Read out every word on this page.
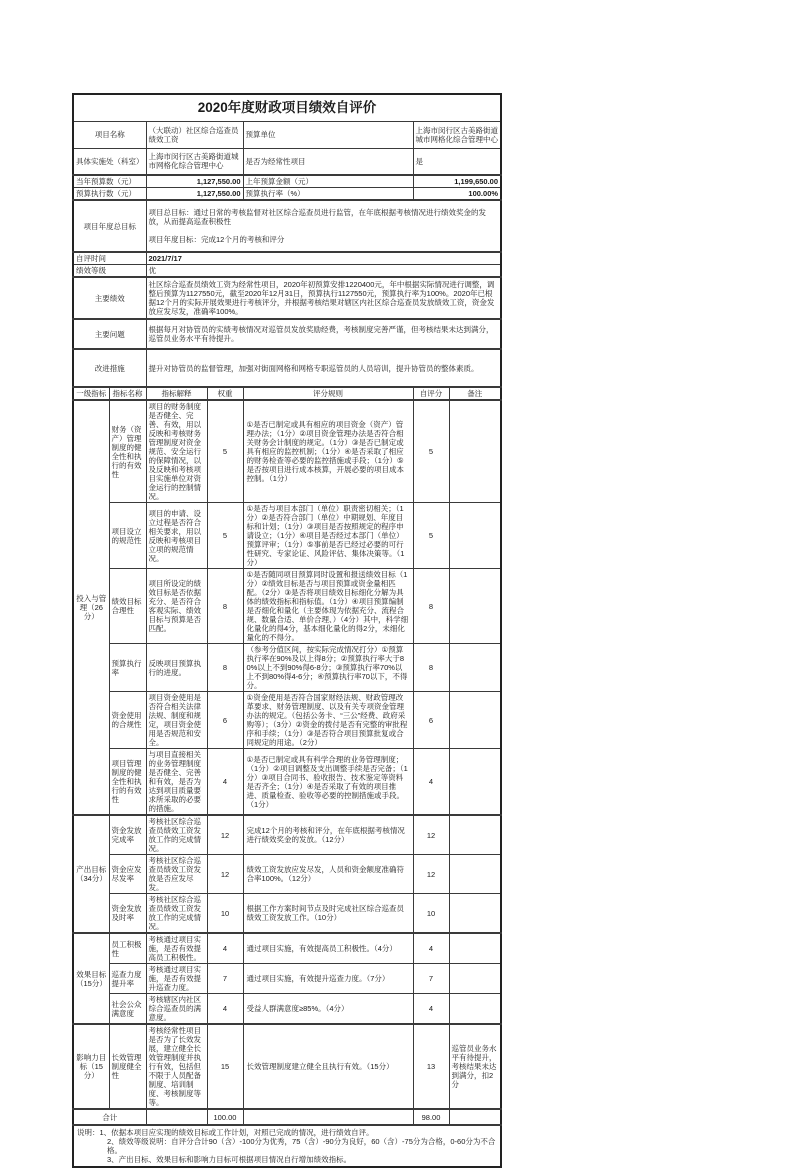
2020年度财政项目绩效自评价						
项目名称		（大联动）社区综合巡查员绩效工资		预算单位	上海市闵行区古美路街道城市网格化综合管理中心	
具体实施处（科室）		上海市闵行区古美路街道城市网格化综合管理中心		是否为经常性项目	是	
当年预算数（元）		1,127,550.00		上年预算金额（元）	1,199,650.00	
预算执行数（元）		1,127,550.00		预算执行率（%）	100.00%	
项目年度总目标		项目总目标：通过日常的考核监督对社区综合巡查员进行监管，在年底根据考核情况进行绩效奖金的发放，从而提高巡查积极性
项目年度目标：完成12个月的考核和评分				

自评时间		2021/7/17				
绩效等级		优				
主要绩效		社区综合巡查员绩效工资为经常性项目，2020年初预算安排1220400元，年中根据实际情况进行调整，调整后预算为1127550元，截至2020年12月31日，预算执行1127550元，预算执行率为100%。2020年已根据12个月的实际开展效果进行考核评分，并根据考核结果对辖区内社区综合巡查员发放绩效工资，资金发放应发尽发，准确率100%。				
主要问题		根据每月对协管员的实绩考核情况对巡管员发放奖励经费，考核制度完善严谨，但考核结果未达到满分，巡管员业务水平有待提升。				
改进措施		提升对协管员的监督管理，加强对街面网格和网格专职巡管员的人员培训，提升协管员的整体素质。				
一级指标	指标名称	指标解释	权重	评分规则	自评分	备注
投入与管理（26分）	财务（资产）管理制度的健全性和执行的有效性	项目的财务制度是否健全、完善、有效，用以反映和考核财务管理制度对资金规范、安全运行的保障情况，以及反映和考核项目实施单位对资金运行的控制情况。	5	①是否已制定或具有相应的项目资金（资产）管理办法；（1分）②项目资金管理办法是否符合相关财务会计制度的规定。（1分）③是否已制定或具有相应的监控机制；（1分）④是否采取了相应的财务检查等必要的监控措施或手段；（1分）⑤是否按项目进行成本核算，开展必要的项目成本控制。（1分）	5	
	项目设立的规范性	项目的申请、设立过程是否符合相关要求，用以反映和考核项目立项的规范情况。	5	①是否与项目本部门（单位）职责密切相关；（1分）②是否符合部门（单位）中期规划、年度目标和计划；（1分）③项目是否按照规定的程序申请设立；（1分）④项目是否经过本部门（单位）预算评审；（1分）⑤事前是否已经过必要的可行性研究、专家论证、风险评估、集体决策等。（1分）	5	
	绩效目标合理性	项目所设定的绩效目标是否依据充分、是否符合客观实际、绩效目标与预算是否匹配。	8	①是否随同项目预算同时设置和报送绩效目标（1分）②绩效目标是否与项目预算或资金量相匹配。（2分）③是否将项目绩效目标细化分解为具体的绩效指标和指标值。（1分）④项目预算编制是否细化和量化（主要体现为依据充分、流程合规、数量合适、单价合理、）（4分）其中，科学细化量化的得4分，基本细化量化的得2分，未细化量化的不得分。	8	
	预算执行率	反映项目预算执行的进度。	8	（参考分值区间，按实际完成情况打分）①预算执行率在90%及以上得8分；②预算执行率大于80%以上不到90%得6-8分；③预算执行率70%以上不到80%得4-6分；④预算执行率70以下，不得分。	8	
	资金使用的合规性	项目资金使用是否符合相关法律法规、制度和规定，项目资金使用是否规范和安全。	6	①资金使用是否符合国家财经法规、财政管理改革要求、财务管理制度、以及有关专项资金管理办法的规定。（包括公务卡、“三公”经费、政府采购等）；（3分）②资金的拨付是否有完整的审批程序和手续；（1分）③是否符合项目预算批复或合同规定的用途。（2分）	6	
	项目管理制度的健全性和执行的有效性	与项目直接相关的业务管理制度是否健全、完善和有效，是否为达到项目质量要求所采取的必要的措施。	4	①是否已制定或具有科学合理的业务管理制度；（1分）②项目调整及支出调整手续是否完备；（1分）③项目合同书、验收报告、技术鉴定等资料是否齐全；（1分）④是否采取了有效的项目推进、质量检查、验收等必要的控制措施或手段。（1分）	4	
产出目标（34分）	资金发放完成率	考核社区综合巡查员绩效工资发放工作的完成情况。	12	完成12个月的考核和评分，在年底根据考核情况进行绩效奖金的发放。（12分）	12	
	资金应发尽发率	考核社区综合巡查员绩效工资发放是否应发尽发。	12	绩效工资发放应发尽发，人员和资金额度准确符合率100%。（12分）	12	
	资金发放及时率	考核社区综合巡查员绩效工资发放工作的完成情况。	10	根据工作方案时间节点及时完成社区综合巡查员绩效工资发放工作。（10分）	10	
效果目标（15分）	员工积极性	考核通过项目实施，是否有效提高员工积极性。	4	通过项目实施，有效提高员工积极性。（4分）	4	
	巡查力度提升率	考核通过项目实施，是否有效提升巡查力度。	7	通过项目实施，有效提升巡查力度。（7分）	7	
	社会公众满意度	考核辖区内社区综合巡查员的满意度。	4	受益人群满意度≥85%。（4分）	4	
影响力目标（15分）	长效管理制度健全性	考核经常性项目是否为了长效发展，建立健全长效管理制度并执行有效，包括但不限于人员配备制度、培训制度、考核制度等等。	15	长效管理制度建立健全且执行有效。（15分）	13	巡管员业务水平有待提升，考核结果未达到满分，扣2分
合计			100.00		98.00	

说明：1、依据本项目应实现的绩效目标或工作计划，对照已完成的情况，进行绩效自评。

2、绩效等级说明：自评分合计90（含）-100分为优秀，75（含）-90分为良好，60（含）-75分为合格，0-60分为不合格。

3、产出目标、效果目标和影响力目标可根据项目情况自行增加绩效指标。						
